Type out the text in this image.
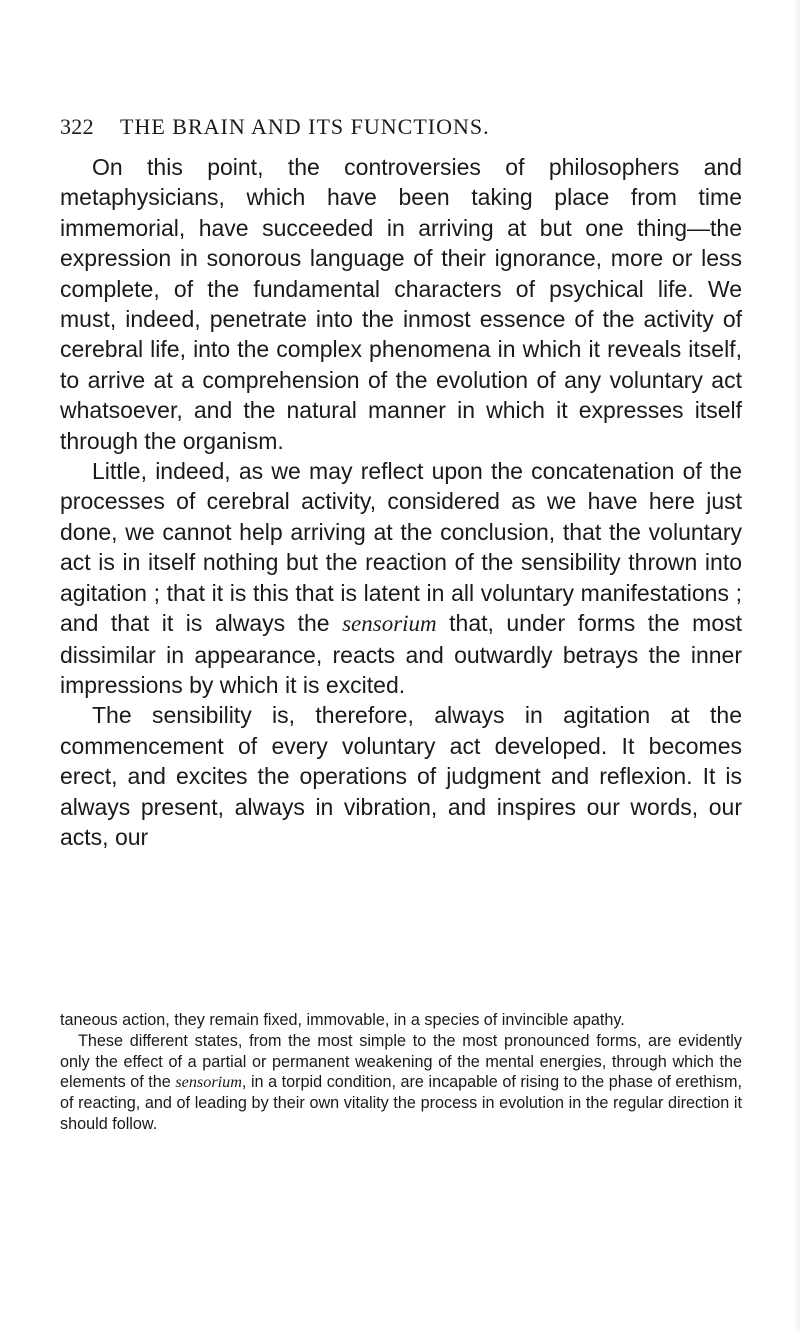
322 THE BRAIN AND ITS FUNCTIONS.

On this point, the controversies of philosophers and metaphysicians, which have been taking place from time immemorial, have succeeded in arriving at but one thing—the expression in sonorous language of their ignorance, more or less complete, of the fundamental characters of psychical life. We must, indeed, penetrate into the inmost essence of the activity of cerebral life, into the complex phenomena in which it reveals itself, to arrive at a comprehension of the evolution of any voluntary act whatsoever, and the natural manner in which it expresses itself through the organism.

Little, indeed, as we may reflect upon the concatenation of the processes of cerebral activity, considered as we have here just done, we cannot help arriving at the conclusion, that the voluntary act is in itself nothing but the reaction of the sensibility thrown into agitation ; that it is this that is latent in all voluntary manifestations ; and that it is always the sensorium that, under forms the most dissimilar in appearance, reacts and outwardly betrays the inner impressions by which it is excited.

The sensibility is, therefore, always in agitation at the commencement of every voluntary act developed. It becomes erect, and excites the operations of judgment and reflexion. It is always present, always in vibration, and inspires our words, our acts, our

taneous action, they remain fixed, immovable, in a species of invincible apathy.

These different states, from the most simple to the most pronounced forms, are evidently only the effect of a partial or permanent weakening of the mental energies, through which the elements of the sensorium, in a torpid condition, are incapable of rising to the phase of erethism, of reacting, and of leading by their own vitality the process in evolution in the regular direction it should follow.
